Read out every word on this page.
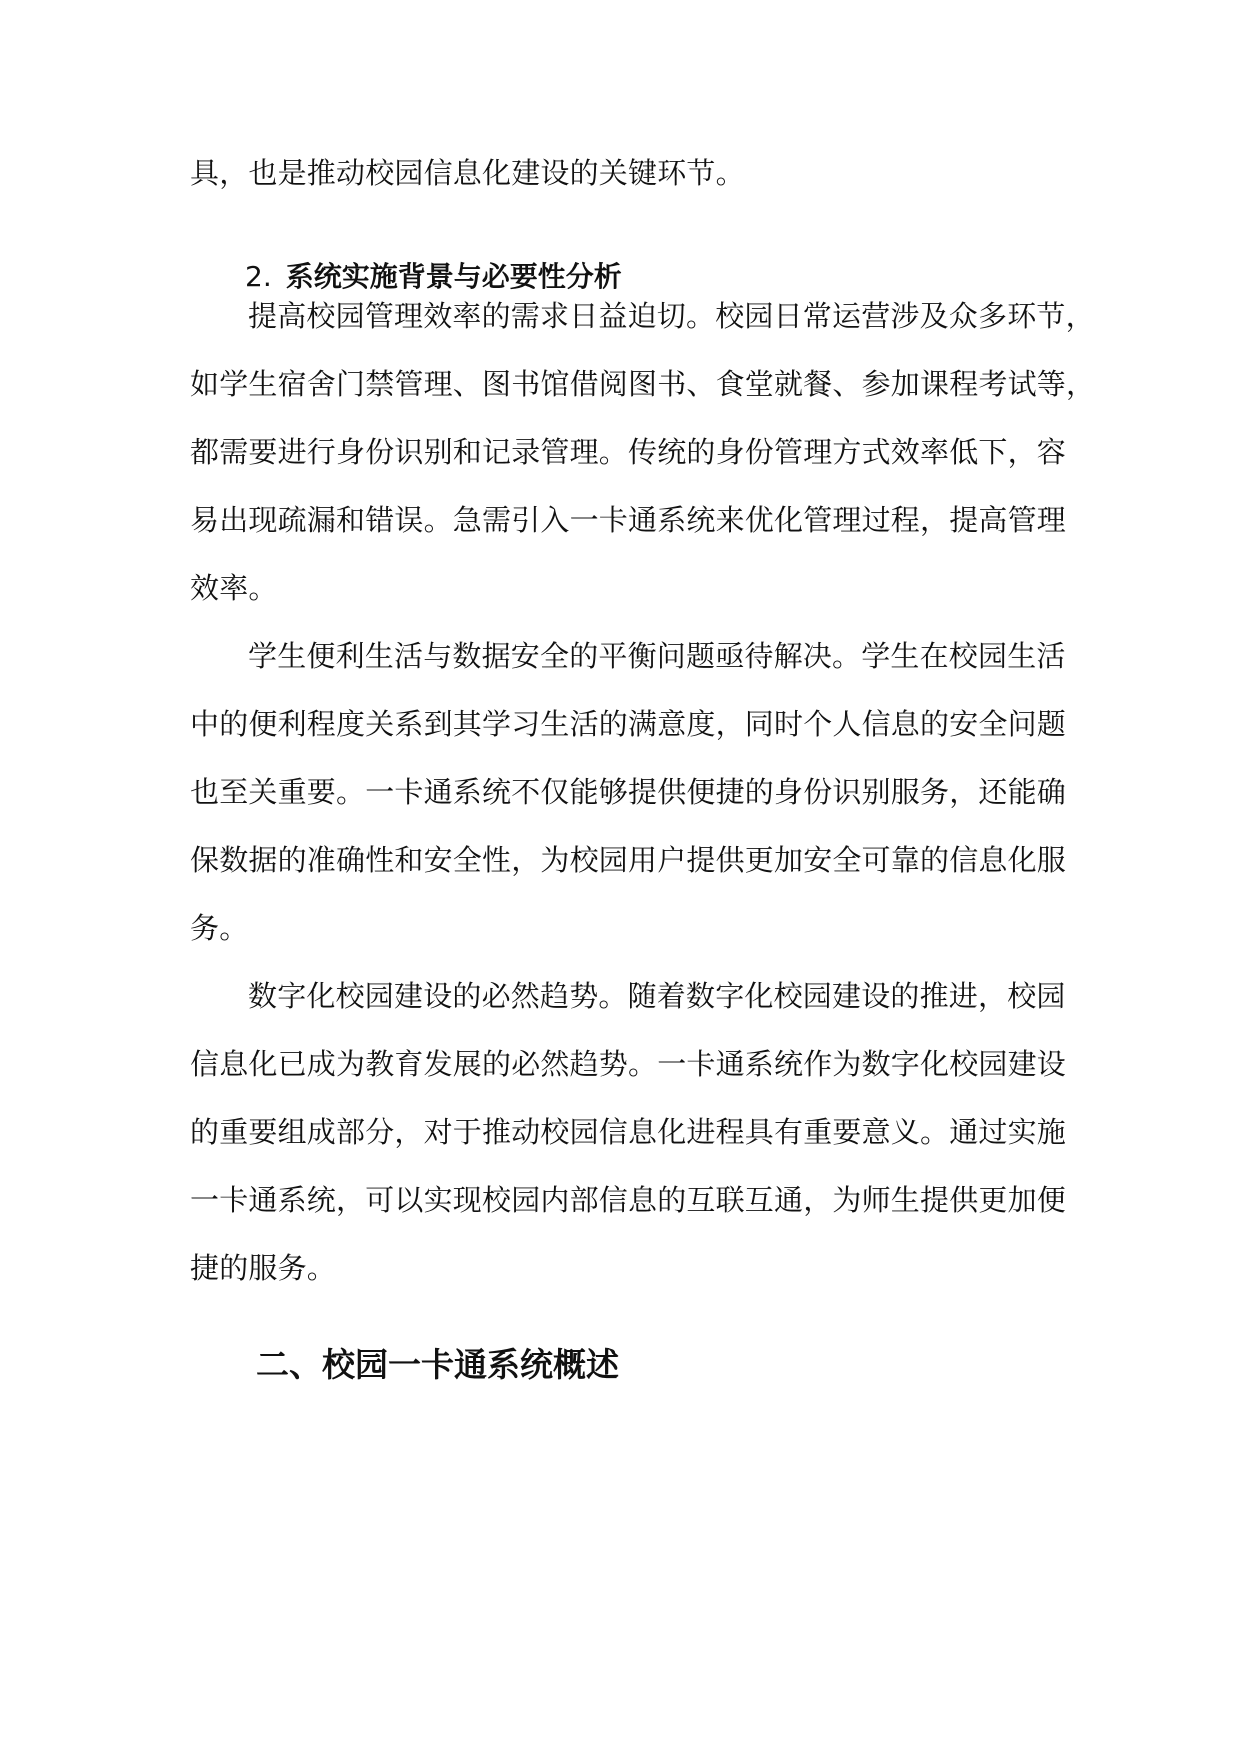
具，也是推动校园信息化建设的关键环节。
2. 系统实施背景与必要性分析
提高校园管理效率的需求日益迫切。校园日常运营涉及众多环节，
如学生宿舍门禁管理、图书馆借阅图书、食堂就餐、参加课程考试等，
都需要进行身份识别和记录管理。传统的身份管理方式效率低下，容
易出现疏漏和错误。急需引入一卡通系统来优化管理过程，提高管理
效率。
学生便利生活与数据安全的平衡问题亟待解决。学生在校园生活
中的便利程度关系到其学习生活的满意度，同时个人信息的安全问题
也至关重要。一卡通系统不仅能够提供便捷的身份识别服务，还能确
保数据的准确性和安全性，为校园用户提供更加安全可靠的信息化服
务。
数字化校园建设的必然趋势。随着数字化校园建设的推进，校园
信息化已成为教育发展的必然趋势。一卡通系统作为数字化校园建设
的重要组成部分，对于推动校园信息化进程具有重要意义。通过实施
一卡通系统，可以实现校园内部信息的互联互通，为师生提供更加便
捷的服务。
二、校园一卡通系统概述
